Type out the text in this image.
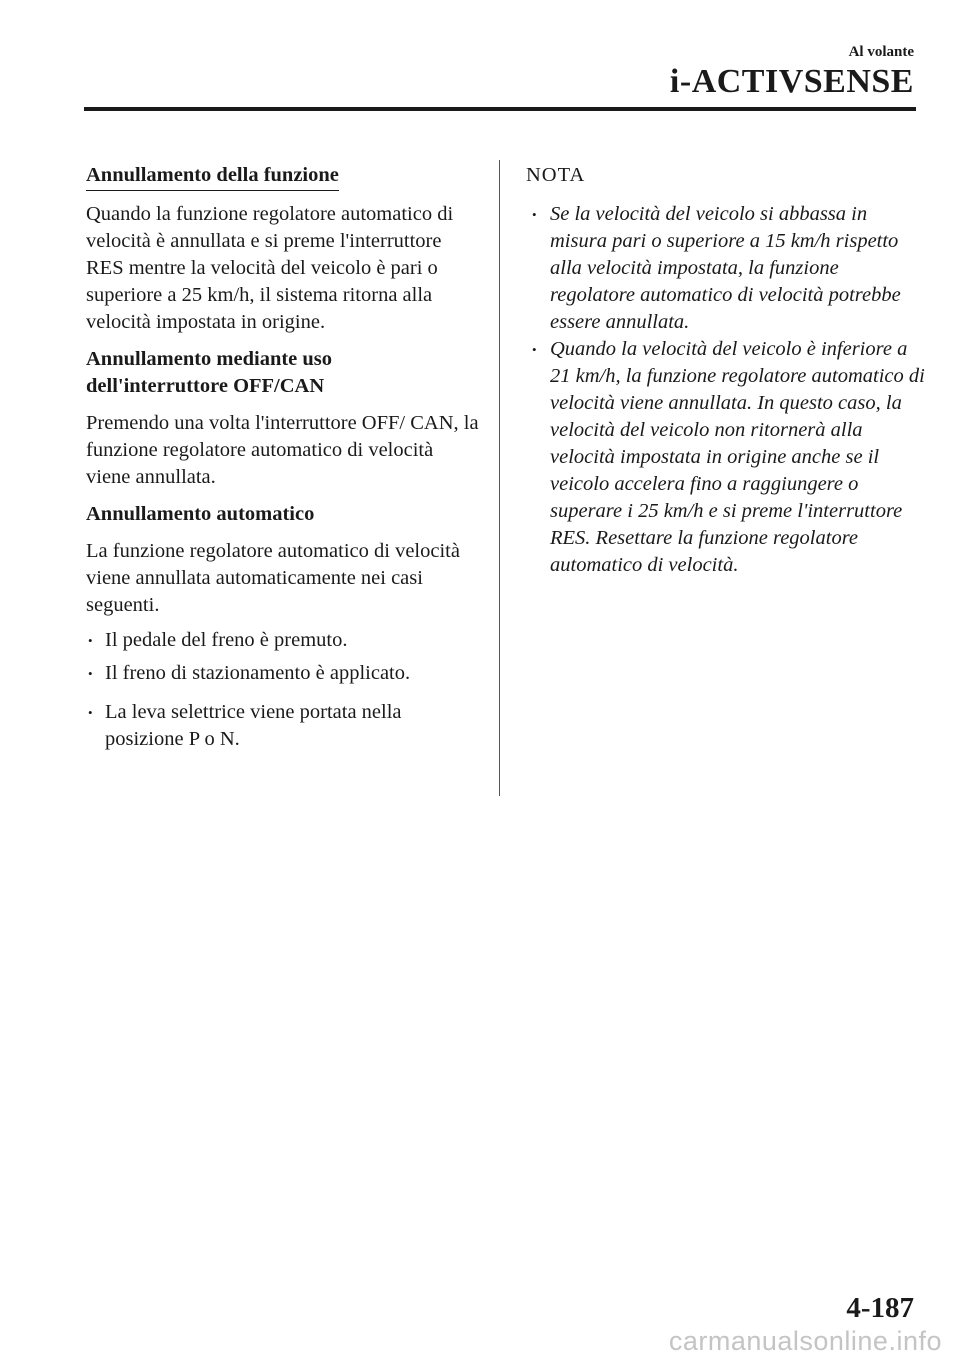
Al volante
i-ACTIVSENSE
Annullamento della funzione

Quando la funzione regolatore automatico di velocità è annullata e si preme l'interruttore RES mentre la velocità del veicolo è pari o superiore a 25 km/h, il sistema ritorna alla velocità impostata in origine.

Annullamento mediante uso
dell'interruttore OFF/CAN

Premendo una volta l'interruttore OFF/ CAN, la funzione regolatore automatico di velocità viene annullata.

Annullamento automatico

La funzione regolatore automatico di velocità viene annullata automaticamente nei casi seguenti.

• Il pedale del freno è premuto.
• Il freno di stazionamento è applicato.
• La leva selettrice viene portata nella posizione P o N.
NOTA
• Se la velocità del veicolo si abbassa in misura pari o superiore a 15 km/h rispetto alla velocità impostata, la funzione regolatore automatico di velocità potrebbe essere annullata.
• Quando la velocità del veicolo è inferiore a 21 km/h, la funzione regolatore automatico di velocità viene annullata. In questo caso, la velocità del veicolo non ritornerà alla velocità impostata in origine anche se il veicolo accelera fino a raggiungere o superare i 25 km/h e si preme l'interruttore RES. Resettare la funzione regolatore automatico di velocità.
4-187
carmanualsonline.info
